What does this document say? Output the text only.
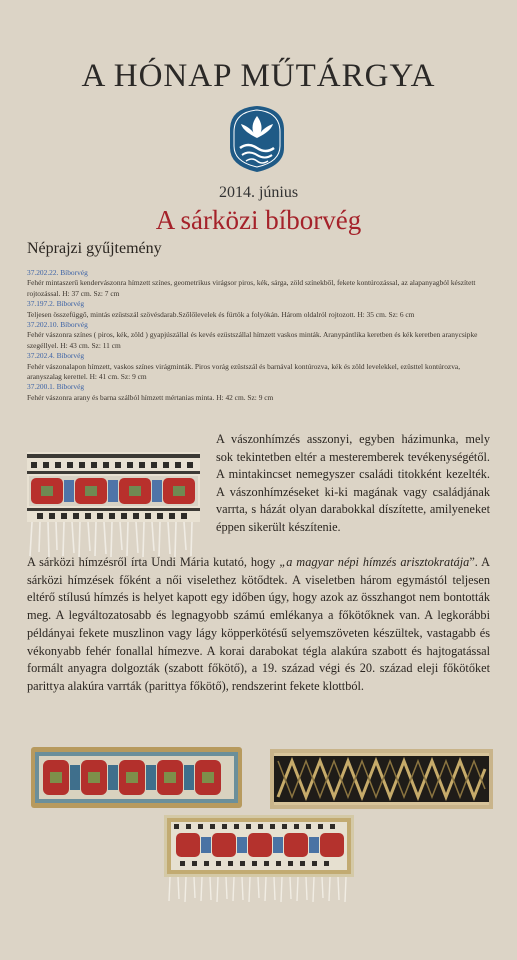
A HÓNAP MŰTÁRGYA
2014. június
A sárközi bíborvég
Néprajzi gyűjtemény
37.202.22. Bíborvég
Fehér mintaszerű kendervászonra hímzett színes, geometrikus virágsor piros, kék, sárga, zöld színekből, fekete kontúrozással, az alapanyagból készített rojtozással. H: 37 cm. Sz: 7 cm
37.197.2. Bíborvég
Teljesen összefüggő, mintás ezüstszál szövésdarab.Szőlőlevelek és fürtök a folyókán. Három oldalról rojtozott. H: 35 cm. Sz: 6 cm
37.202.10. Bíborvég
Fehér vászonra színes ( piros, kék, zöld ) gyapjúszállal és kevés ezüstszállal hímzett vaskos minták. Aranypántlika keretben és kék keretben aranycsipke szegéllyel. H: 43 cm. Sz: 11 cm
37.202.4. Bíborvég
Fehér vászonalapon hímzett, vaskos színes virágminták. Piros vorág ezüstszál és barnával kontúrozva, kék és zöld levelekkel, ezüsttel kontúrozva, aranyszalag kerettel. H: 41 cm. Sz: 9 cm
37.200.1. Bíborvég
Fehér vászonra arany és barna szálból hímzett mértanias minta. H: 42 cm. Sz: 9 cm
A vászonhímzés asszonyi, egyben házimunka, mely sok tekintetben eltér a mesteremberek tevékenységétől. A mintakincset nemegyszer családi titokként kezelték. A vászonhímzéseket ki-ki magának vagy családjának varrta, s házát olyan darabokkal díszítette, amilyeneket éppen sikerült készítenie.
A sárközi hímzésről írta Undi Mária kutató, hogy „a magyar népi hímzés arisztokratája”. A sárközi hímzések főként a női viselethez kötődtek. A viseletben három egymástól teljesen eltérő stílusú hímzés is helyet kapott egy időben úgy, hogy azok az összhangot nem bontották meg. A legváltozatosabb és legnagyobb számú emlékanya a főkötőknek van. A legkorábbi példányai fekete muszlinon vagy lágy köpperkötésű selyemszöveten készültek, vastagabb és vékonyabb fehér fonallal hímezve. A korai darabokat tégla alakúra szabott és hajtogatással formált anyagra dolgozták (szabott főkötő), a 19. század végi és 20. század eleji főkötőket parittya alakúra varrták (parittya főkötő), rendszerint fekete klottból.
